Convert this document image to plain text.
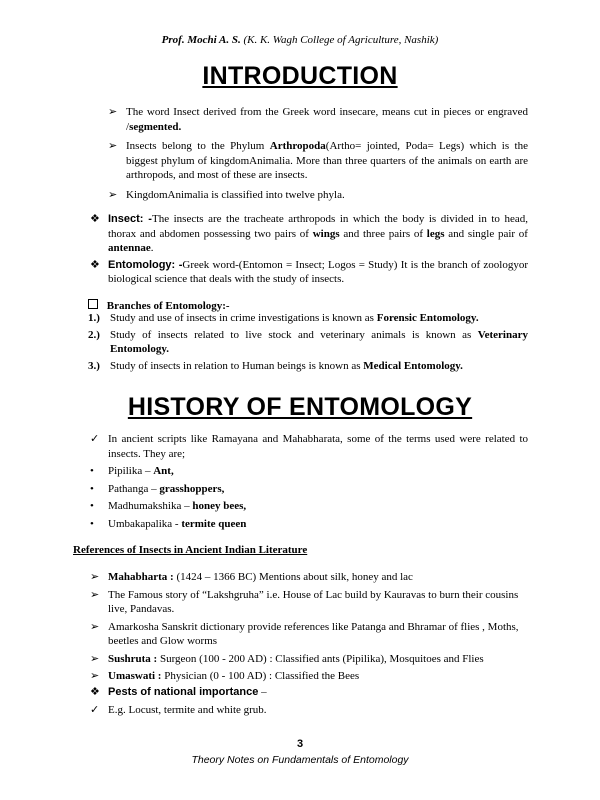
Prof. Mochi A. S. (K. K. Wagh College of Agriculture, Nashik)
INTRODUCTION

➢ The word Insect derived from the Greek word insecare, means cut in pieces or engraved /segmented.

➢ Insects belong to the Phylum Arthropoda(Artho= jointed, Poda= Legs) which is the biggest phylum of kingdomAnimalia. More than three quarters of the animals on earth are arthropods, and most of these are insects.

➢ KingdomAnimalia is classified into twelve phyla.

❖ Insect: -The insects are the tracheate arthropods in which the body is divided in to head, thorax and abdomen possessing two pairs of wings and three pairs of legs and single pair of antennae.

❖ Entomology: -Greek word-(Entomon = Insect; Logos = Study) It is the branch of zoologyor biological science that deals with the study of insects.

Branches of Entomology:-

1.) Study and use of insects in crime investigations is known as Forensic Entomology.

2.) Study of insects related to live stock and veterinary animals is known as Veterinary Entomology.

3.) Study of insects in relation to Human beings is known as Medical Entomology.

HISTORY OF ENTOMOLOGY

✓ In ancient scripts like Ramayana and Mahabharata, some of the terms used were related to insects. They are;

• Pipilika – Ant,

• Pathanga – grasshoppers,

• Madhumakshika – honey bees,

• Umbakapalika - termite queen

References of Insects in Ancient Indian Literature

➢ Mahabharta : (1424 – 1366 BC) Mentions about silk, honey and lac

➢ The Famous story of “Lakshgruha” i.e. House of Lac build by Kauravas to burn their cousins live, Pandavas.

➢ Amarkosha Sanskrit dictionary provide references like Patanga and Bhramar of flies , Moths, beetles and Glow worms

➢ Sushruta : Surgeon (100 - 200 AD) : Classified ants (Pipilika), Mosquitoes and Flies

➢ Umaswati : Physician (0 - 100 AD) : Classified the Bees

❖ Pests of national importance –

✓ E.g. Locust, termite and white grub.

3
Theory Notes on Fundamentals of Entomology
